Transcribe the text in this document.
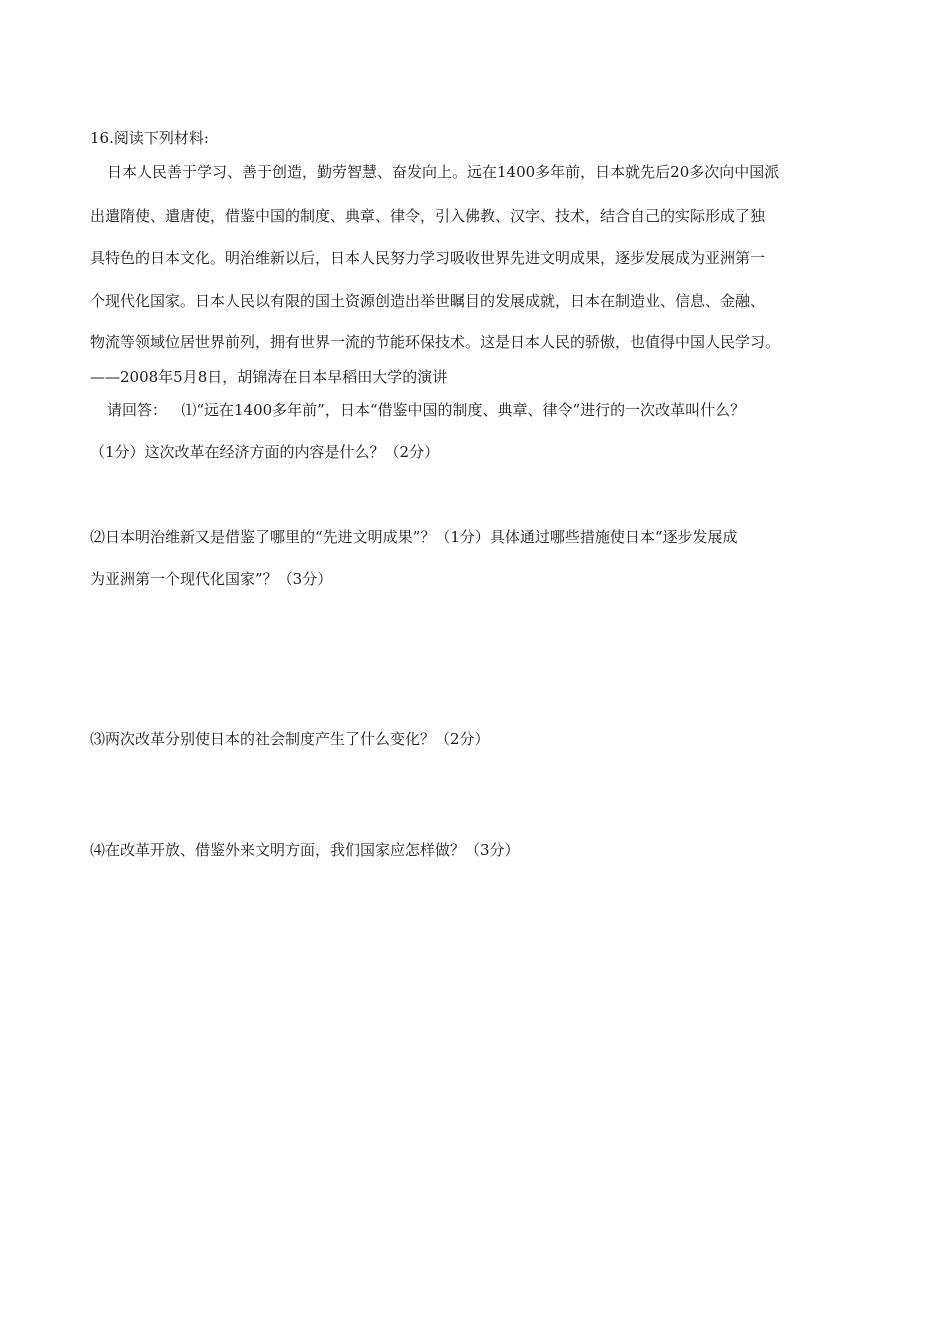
16.阅读下列材料:
日本人民善于学习、善于创造，勤劳智慧、奋发向上。远在1400多年前，日本就先后20多次向中国派
出遣隋使、遣唐使，借鉴中国的制度、典章、律令，引入佛教、汉字、技术，结合自己的实际形成了独
具特色的日本文化。明治维新以后，日本人民努力学习吸收世界先进文明成果，逐步发展成为亚洲第一
个现代化国家。日本人民以有限的国土资源创造出举世瞩目的发展成就，日本在制造业、信息、金融、
物流等领域位居世界前列，拥有世界一流的节能环保技术。这是日本人民的骄傲，也值得中国人民学习。
——2008年5月8日，胡锦涛在日本早稻田大学的演讲
请回答： ⑴“远在1400多年前”，日本“借鉴中国的制度、典章、律令”进行的一次改革叫什么？
（1分）这次改革在经济方面的内容是什么？（2分）
⑵日本明治维新又是借鉴了哪里的“先进文明成果”？（1分）具体通过哪些措施使日本“逐步发展成
为亚洲第一个现代化国家”？（3分）
⑶两次改革分别使日本的社会制度产生了什么变化？（2分）
⑷在改革开放、借鉴外来文明方面，我们国家应怎样做？（3分）
